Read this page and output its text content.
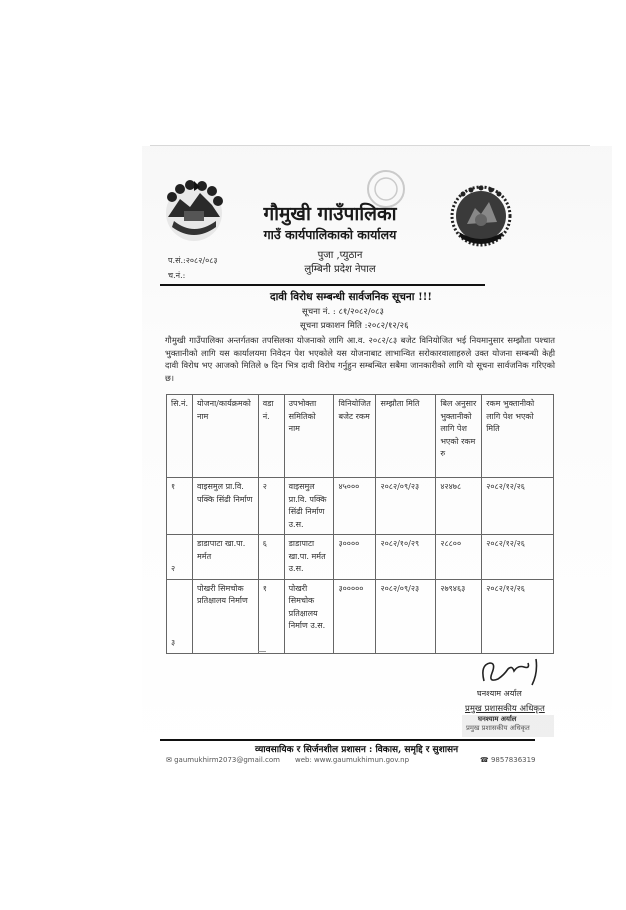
गौमुखी गाउँपालिका
गाउँ कार्यपालिकाको कार्यालय
पुजा ,प्युठान
लुम्बिनी प्रदेश नेपाल
प.सं.:२०८२/०८३
च.नं.:
दावी विरोध सम्बन्धी सार्वजनिक सूचना !!!
सूचना नं. : ८१/२०८२/०८३
सूचना प्रकाशन मिति :२०८२/१२/२६
गौमुखी गाउँपालिका अन्तर्गतका तपसिलका योजनाको लागि आ.व. २०८२/८३ बजेट विनियोजित भई नियमानुसार सम्झौता पश्चात भुक्तानीको लागि यस कार्यालयमा निवेदन पेश भएकोले यस योजनाबाट लाभान्वित सरोकारवालाहरुले उक्त योजना सम्बन्धी केही दावी विरोध भए आजको मितिले ७ दिन भित्र दावी विरोध गर्नुहुन सम्बन्धित सबैमा जानकारीको लागि यो सूचना सार्वजनिक गरिएको छ।
सि.नं.	योजना/कार्यक्रमको नाम	वडा नं.	उपभोक्ता समितिको नाम	विनियोजित बजेट रकम	सम्झौता मिति	बिल अनुसार भुक्तानीको लागि पेश भएको रकम रु	रकम भुक्तानीको लागि पेश भएको मिति
१	वाइसमुल प्रा.वि. पक्कि सिंढी निर्माण	२	वाइसमुल प्रा.वि. पक्कि सिंढी निर्माण उ.स.	४५०००	२०८२/०९/२३	४२४७८	२०८२/१२/२६
२	डाडापाटा खा.पा. मर्मत	६	डाडापाटा खा.पा. मर्मत उ.स.	३००००	२०८२/१०/२९	२८८००	२०८२/१२/२६
३	पोखरी सिमचोक प्रतिक्षालय निर्माण	१	पोखरी सिमचोक प्रतिक्षालय निर्माण उ.स.	३०००००	२०८२/०९/२३	२७९४६३	२०८२/१२/२६
घनश्याम अर्याल
प्रमुख प्रशासकीय अधिकृत
घनश्याम अर्याल
प्रमुख प्रशासकीय अधिकृत
व्यावसायिक र सिर्जनशील प्रशासन : विकास, समृद्दि र सुशासन
✉ gaumukhirm2073@gmail.com web: www.gaumukhimun.gov.np	☎ 9857836319
